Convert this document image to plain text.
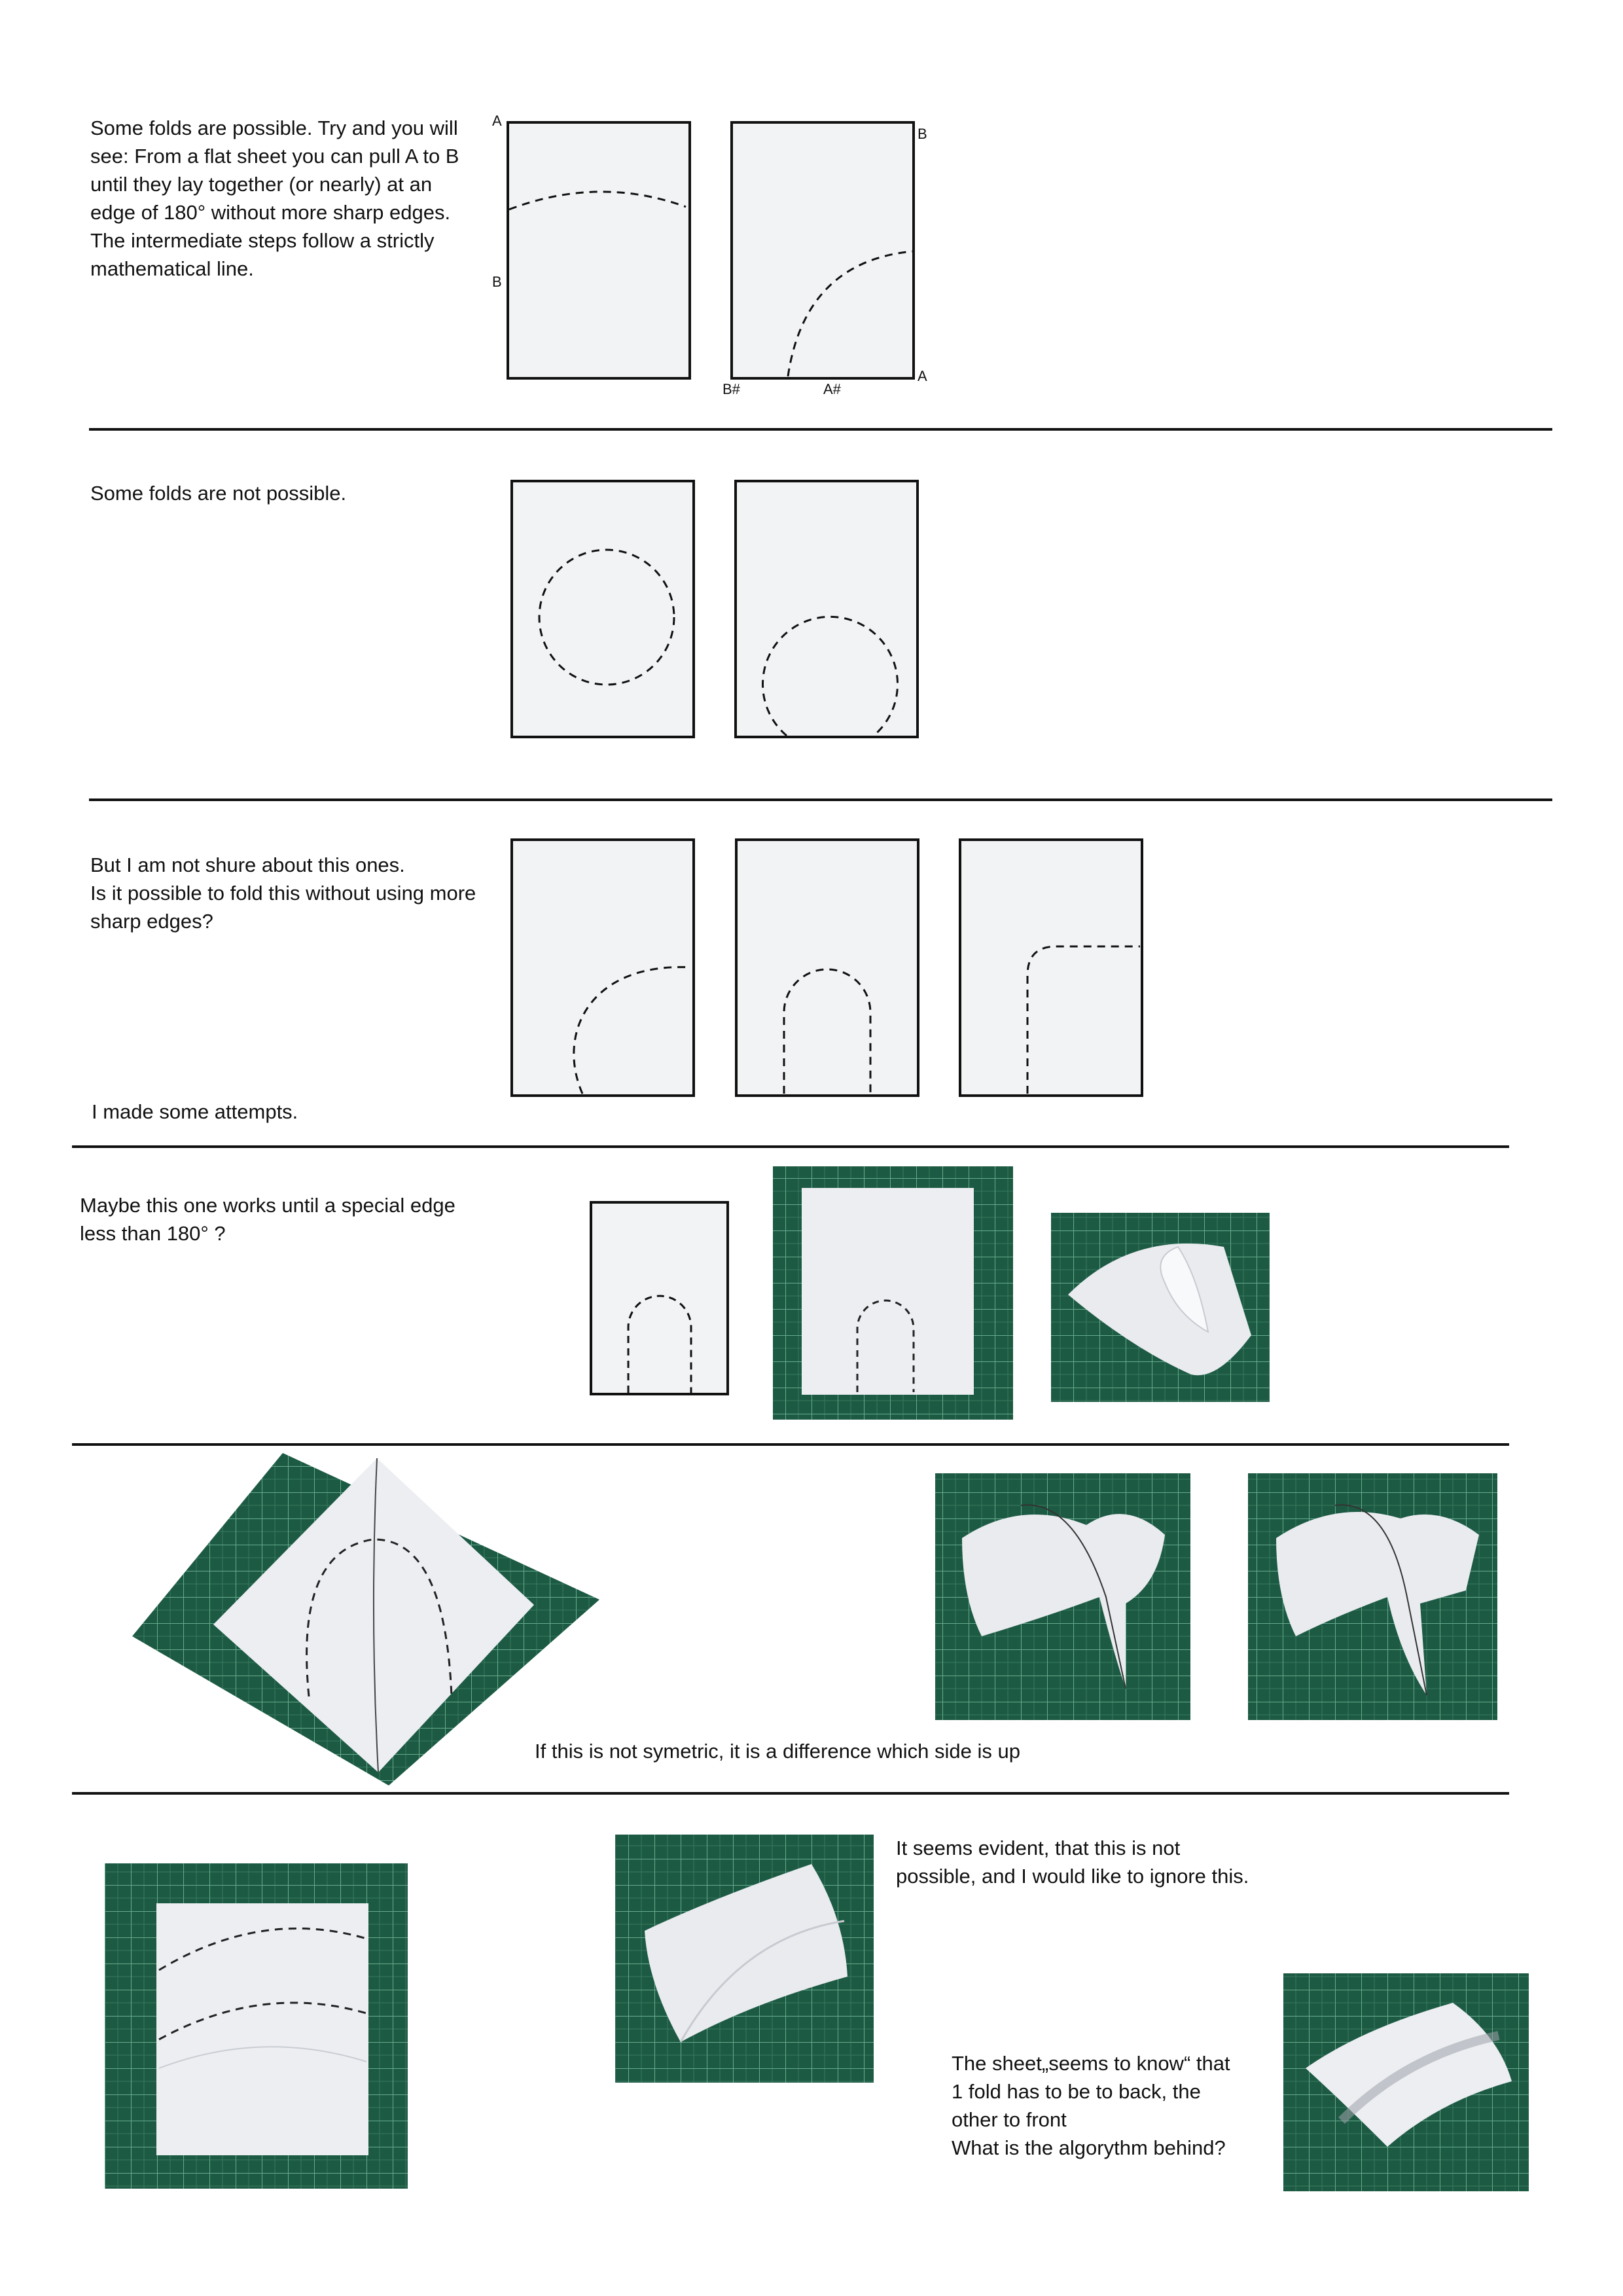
Some folds are possible. Try and you will see: From a flat sheet you can pull A to B until they lay together (or nearly) at an edge of 180° without more sharp edges. The intermediate steps follow a strictly mathematical line.
A
B
B
A
B#	A#
Some folds are not possible.
But I am not shure about this ones.
Is it possible to fold this without using more sharp edges?
I made some attempts.
Maybe this one works until a special edge less than 180° ?
If this is not symetric, it is a difference which side is up
It seems evident, that this is not possible, and I would like to ignore this.
The sheet„seems to know“ that
1 fold has to be to back, the
other to front
What is the algorythm behind?
